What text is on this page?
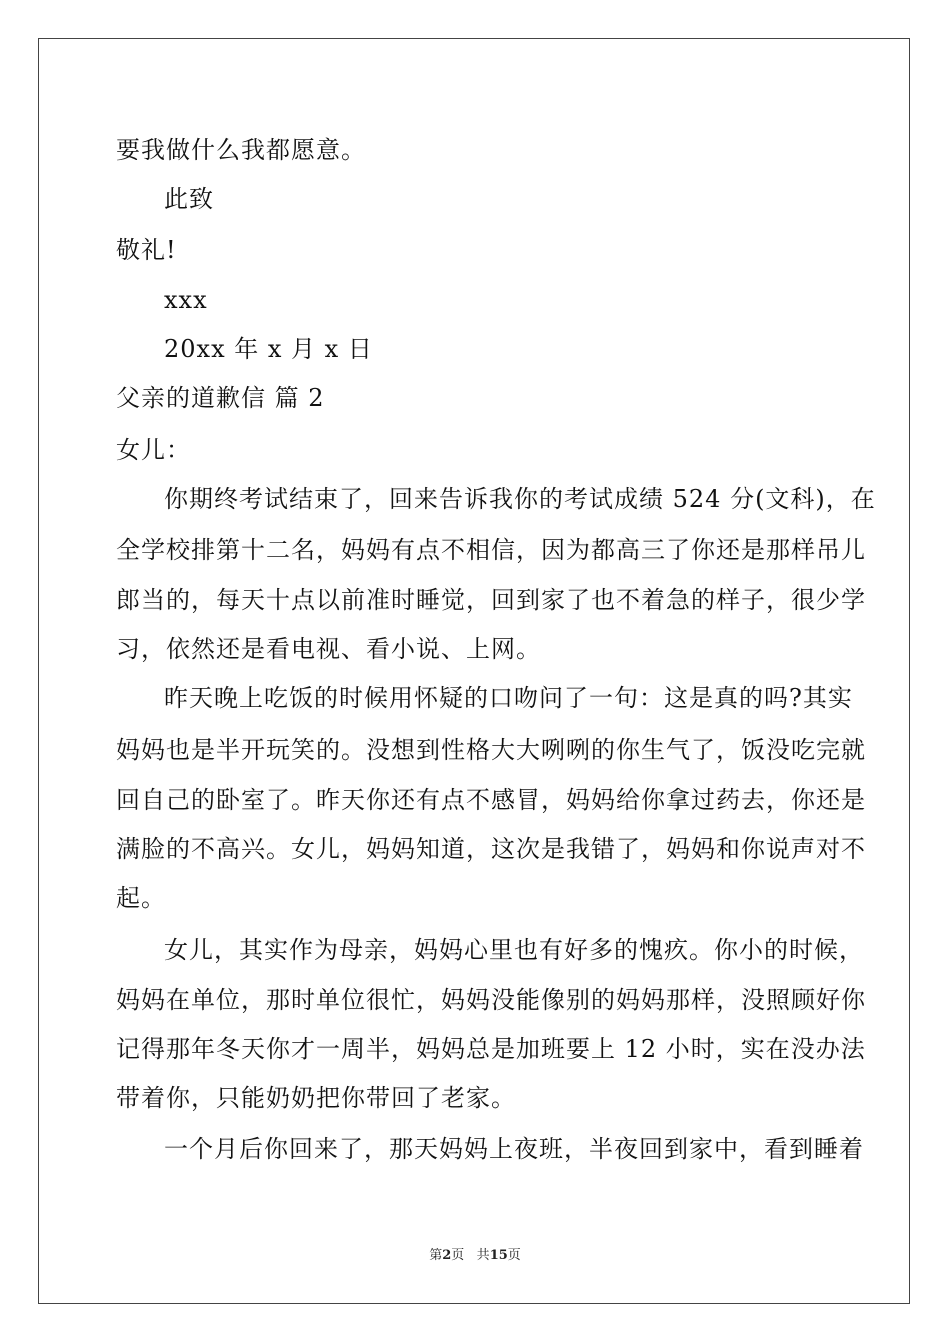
要我做什么我都愿意。
此致
敬礼!
xxx
20xx 年 x 月 x 日
父亲的道歉信 篇 2
女儿：
你期终考试结束了，回来告诉我你的考试成绩 524 分(文科)，在
全学校排第十二名，妈妈有点不相信，因为都高三了你还是那样吊儿
郎当的，每天十点以前准时睡觉，回到家了也不着急的样子，很少学
习，依然还是看电视、看小说、上网。
昨天晚上吃饭的时候用怀疑的口吻问了一句：这是真的吗?其实
妈妈也是半开玩笑的。没想到性格大大咧咧的你生气了，饭没吃完就
回自己的卧室了。昨天你还有点不感冒，妈妈给你拿过药去，你还是
满脸的不高兴。女儿，妈妈知道，这次是我错了，妈妈和你说声对不
起。
女儿，其实作为母亲，妈妈心里也有好多的愧疚。你小的时候，
妈妈在单位，那时单位很忙，妈妈没能像别的妈妈那样，没照顾好你
记得那年冬天你才一周半，妈妈总是加班要上 12 小时，实在没办法
带着你，只能奶奶把你带回了老家。
一个月后你回来了，那天妈妈上夜班，半夜回到家中，看到睡着
第2页 共15页
